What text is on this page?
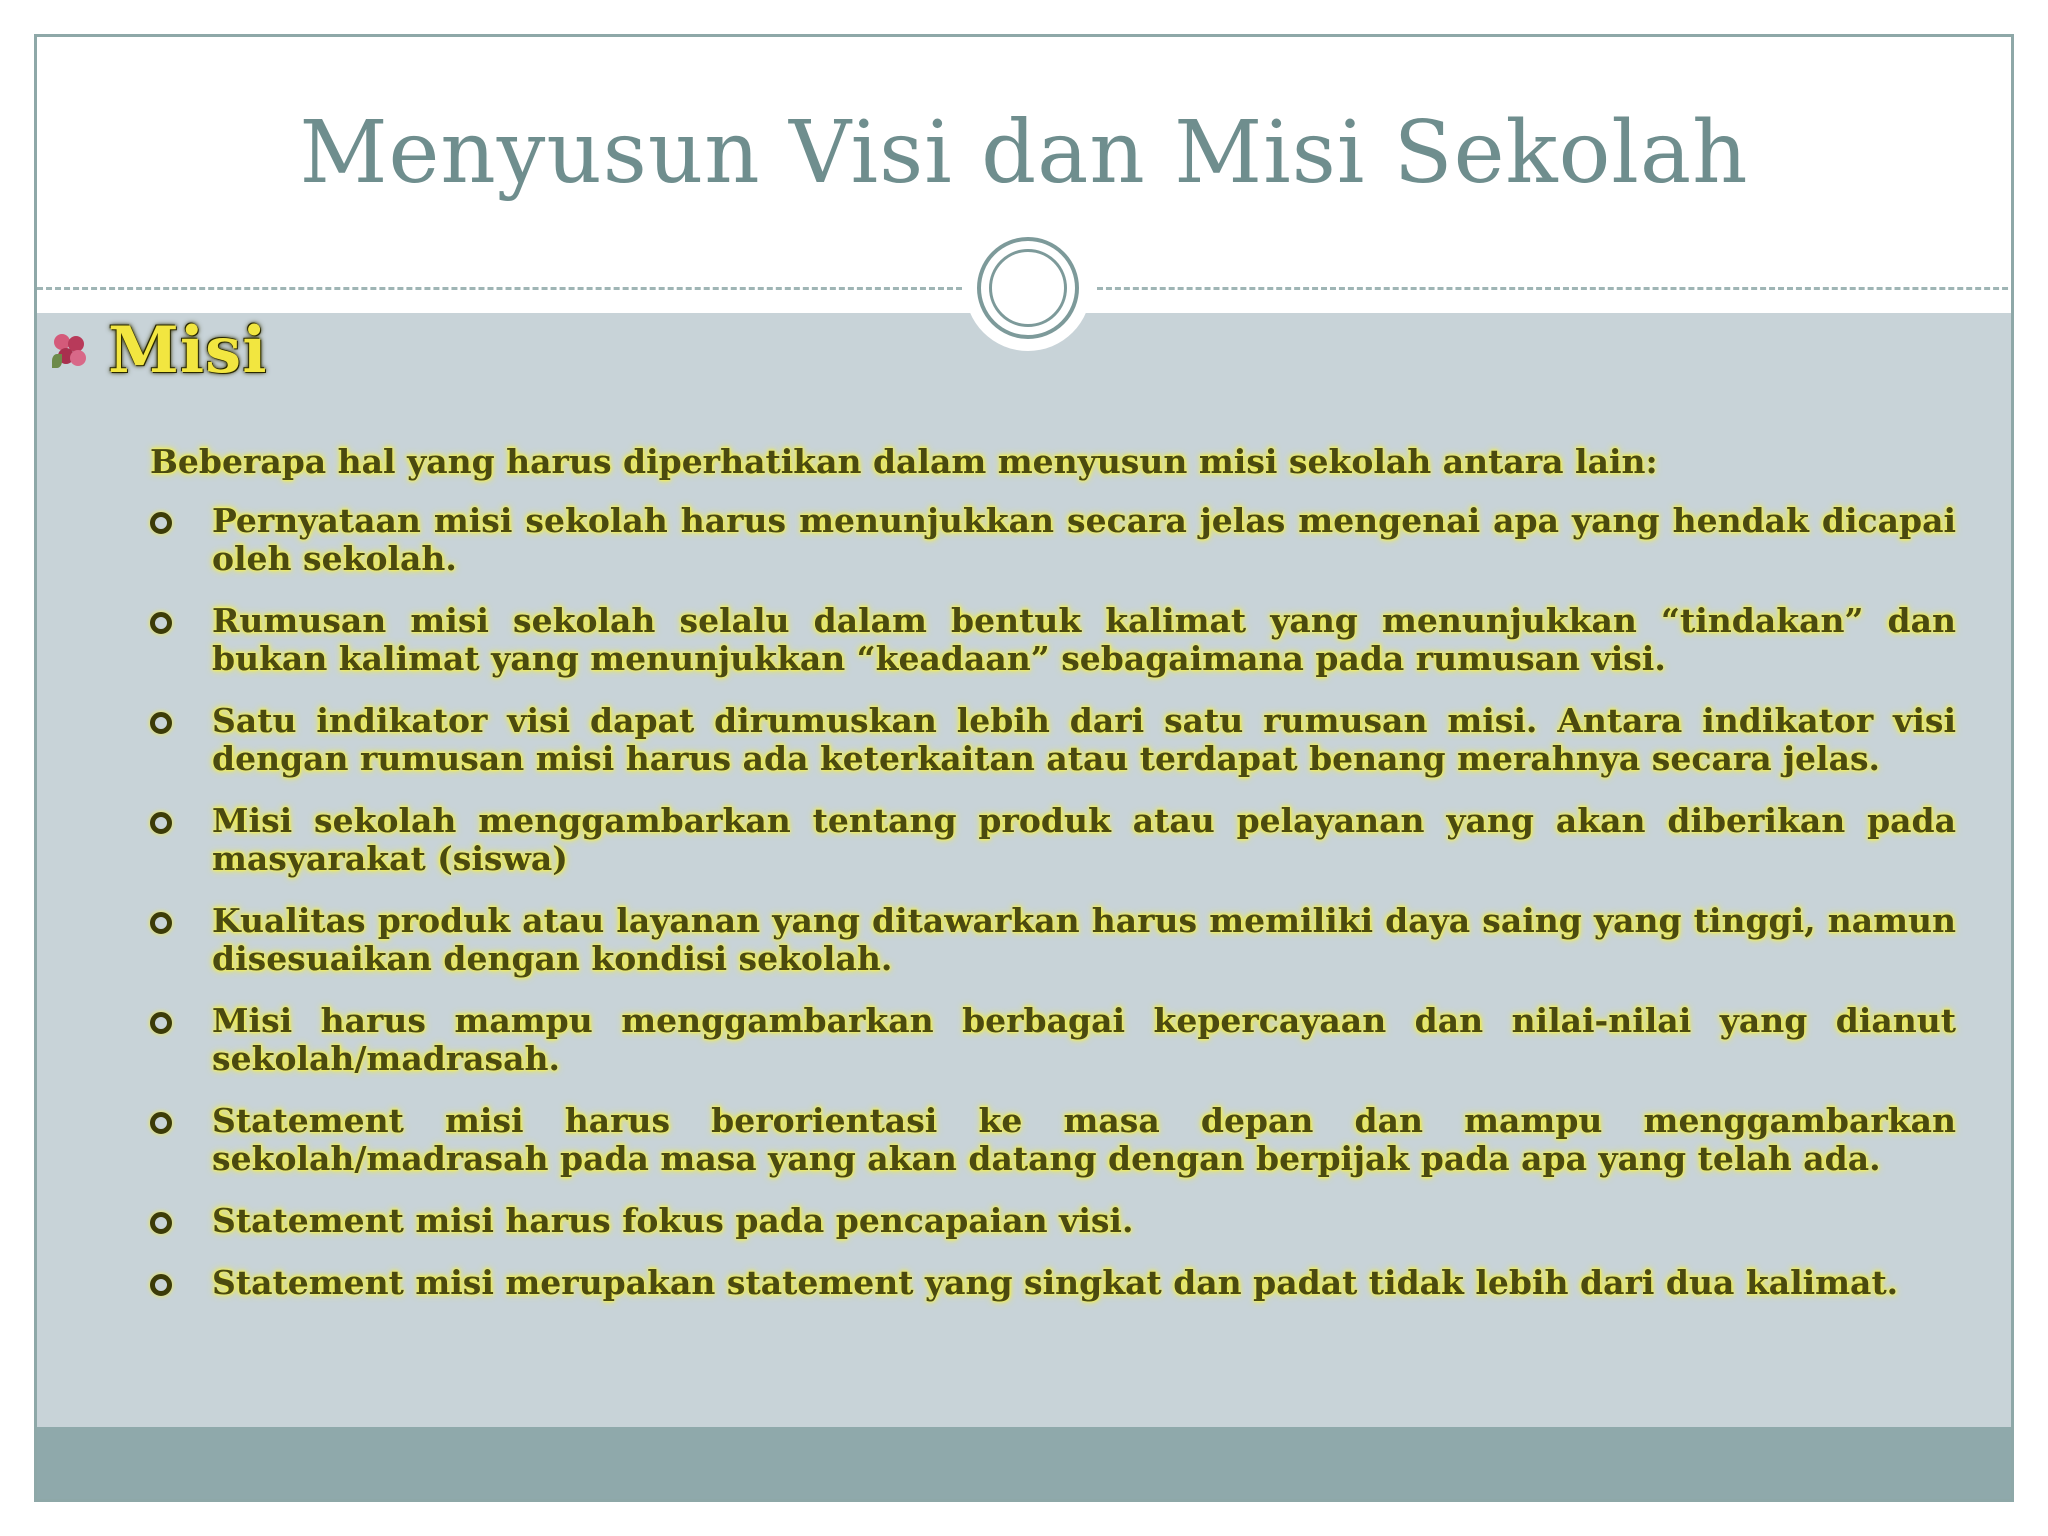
Menyusun Visi dan Misi Sekolah
Misi
Beberapa hal yang harus diperhatikan dalam menyusun misi sekolah antara lain:
Pernyataan misi sekolah harus menunjukkan secara jelas mengenai apa yang hendak dicapai oleh sekolah.
Rumusan misi sekolah selalu dalam bentuk kalimat yang menunjukkan “tindakan” dan bukan kalimat yang menunjukkan “keadaan” sebagaimana pada rumusan visi.
Satu indikator visi dapat dirumuskan lebih dari satu rumusan misi. Antara indikator visi dengan rumusan misi harus ada keterkaitan atau terdapat benang merahnya secara jelas.
Misi sekolah menggambarkan tentang produk atau pelayanan yang akan diberikan pada masyarakat (siswa)
Kualitas produk atau layanan yang ditawarkan harus memiliki daya saing yang tinggi, namun disesuaikan dengan kondisi sekolah.
Misi harus mampu menggambarkan berbagai kepercayaan dan nilai-nilai yang dianut sekolah/madrasah.
Statement misi harus berorientasi ke masa depan dan mampu menggambarkan sekolah/madrasah pada masa yang akan datang dengan berpijak pada apa yang telah ada.
Statement misi harus fokus pada pencapaian visi.
Statement misi merupakan statement yang singkat dan padat tidak lebih dari dua kalimat.
